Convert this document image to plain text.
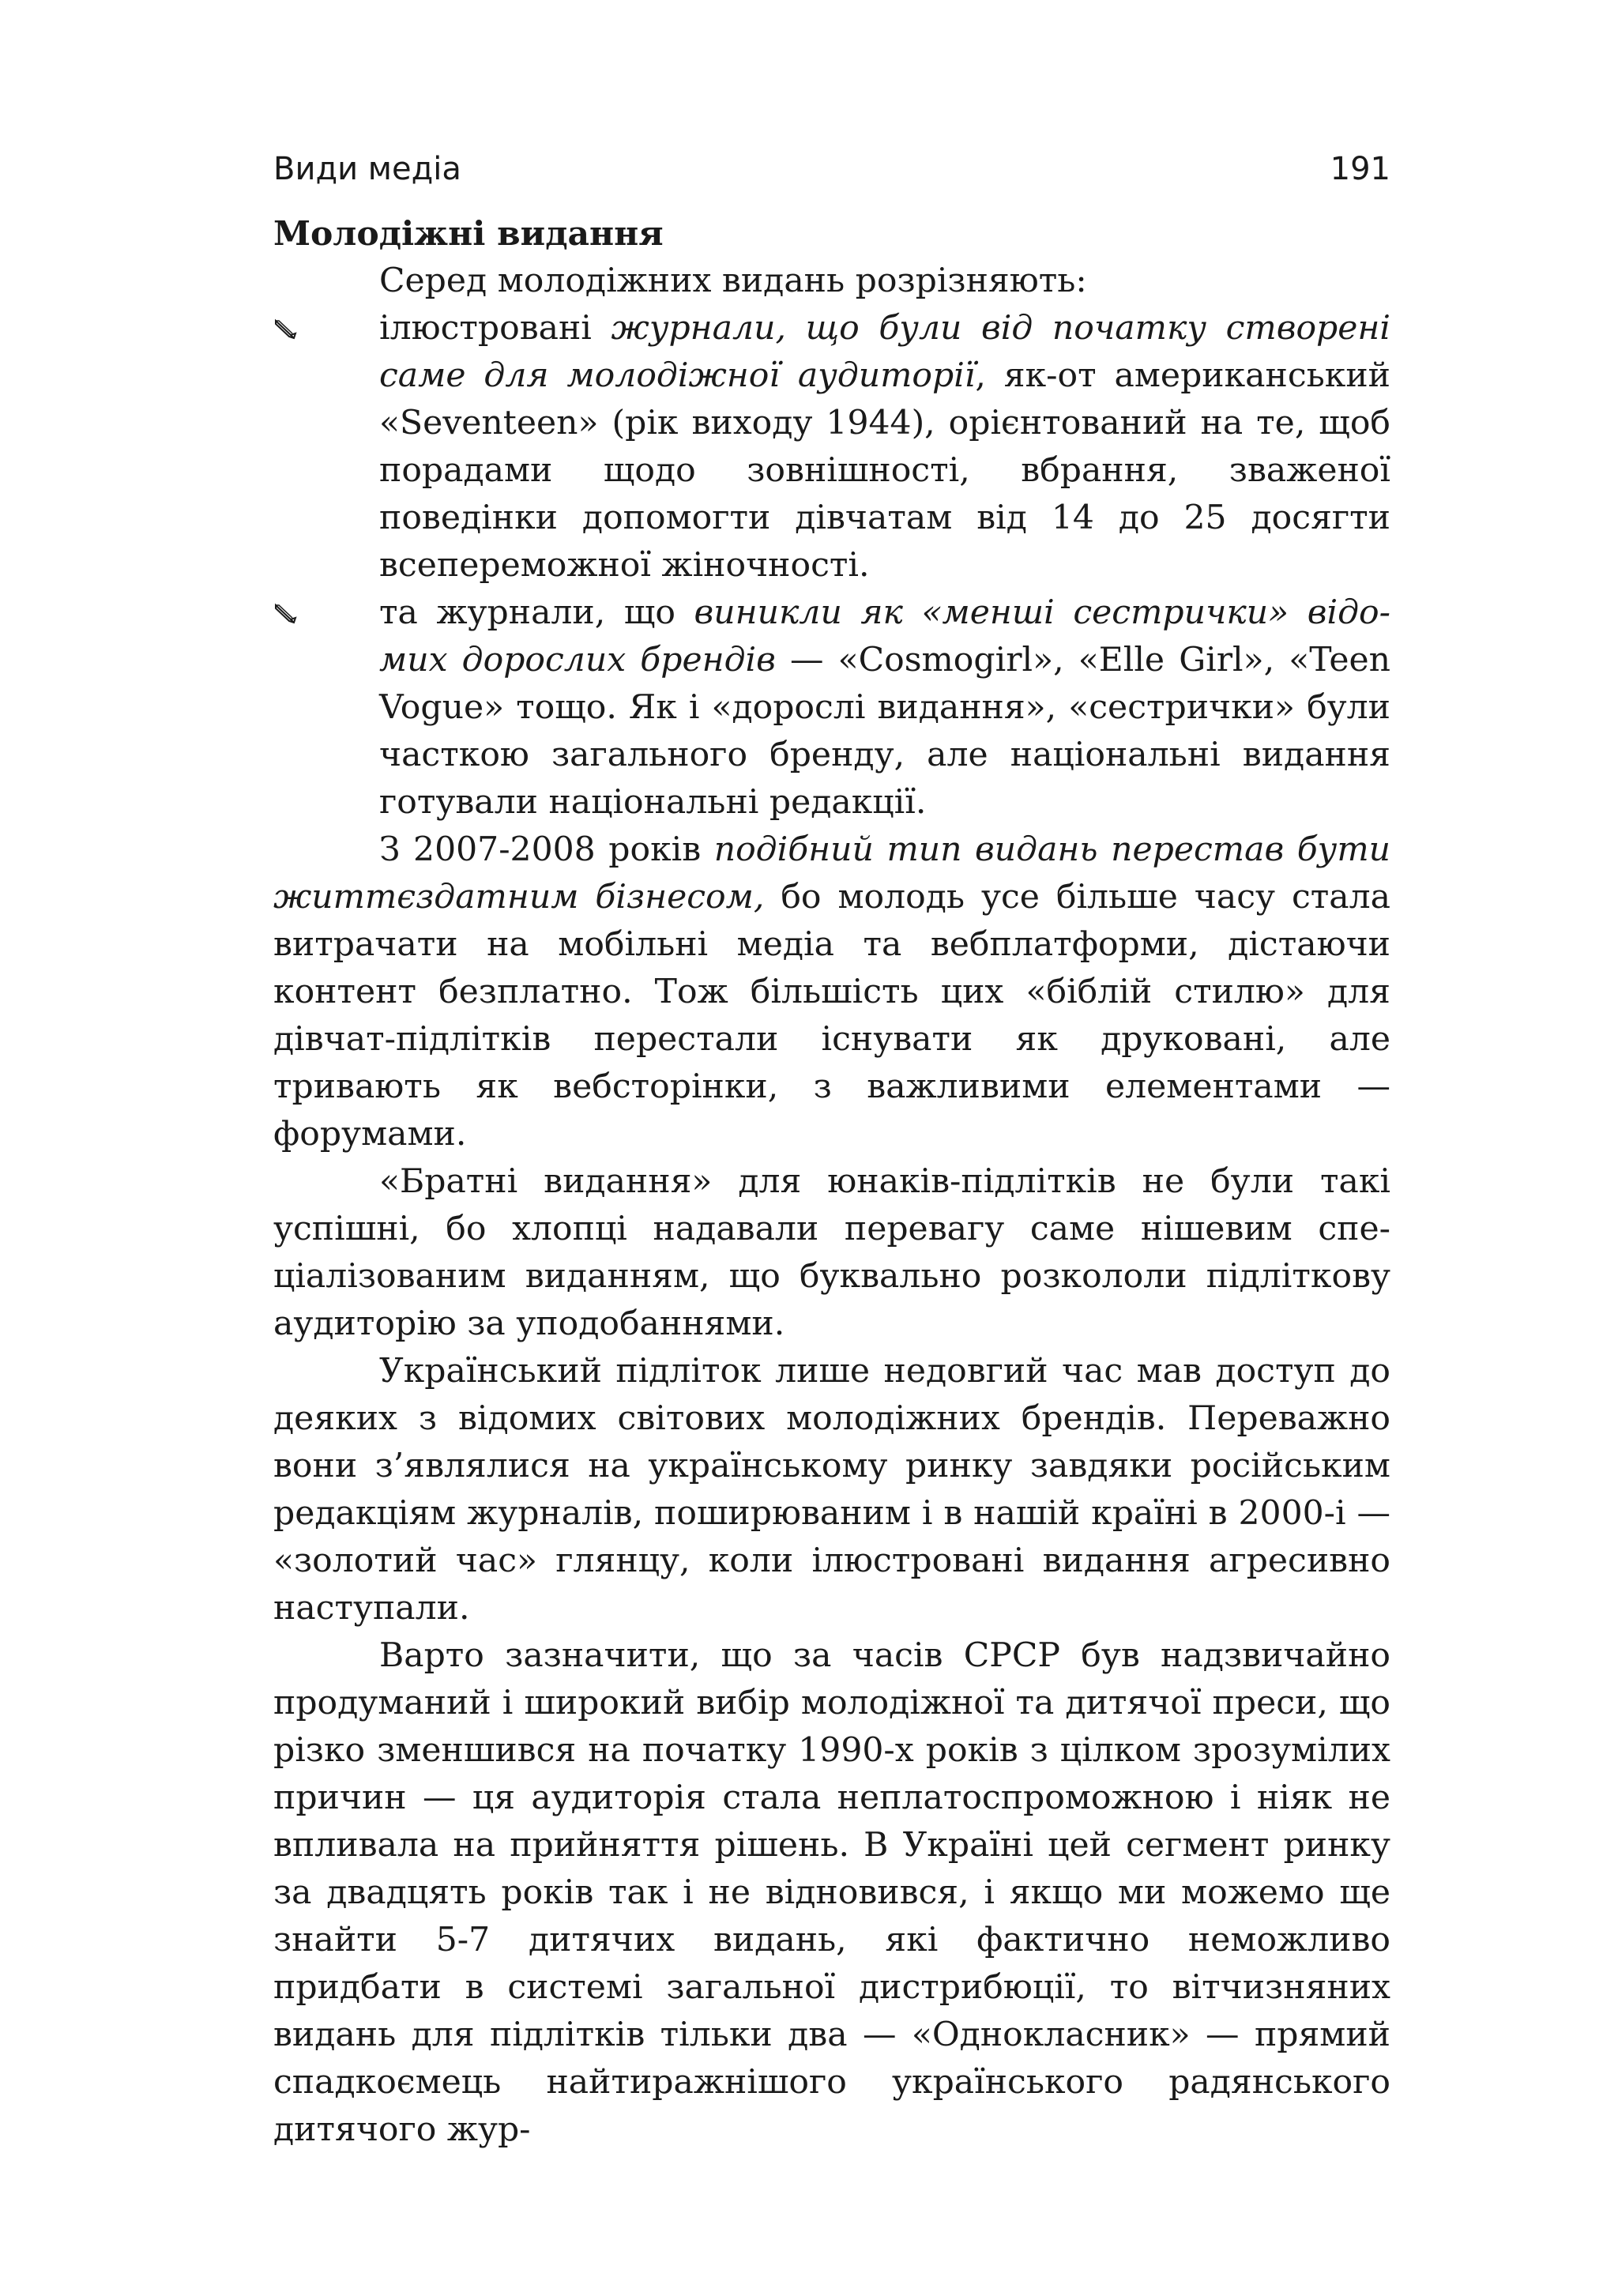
Види медіа	191

Молодіжні видання

Серед молодіжних видань розрізняють:

ілюстровані журнали, що були від початку створені саме для молодіжної аудиторії, як-от американський «Seventeen» (рік виходу 1944), орієнтований на те, щоб порадами щодо зовнішності, вбрання, зваженої поведінки допомогти дівчатам від 14 до 25 досягти всепереможної жіночності.
та журнали, що виникли як «менші сестрички» відомих дорослих брендів — «Cosmogirl», «Elle Girl», «Teen Vogue» тощо. Як і «дорослі видання», «сестрички» були часткою загального бренду, але національні видання готували національні редакції.

З 2007-2008 років подібний тип видань перестав бути життєздатним бізнесом, бо молодь усе більше часу стала витрачати на мобільні медіа та вебплатформи, дістаючи контент безплатно. Тож більшість цих «біблій стилю» для дівчат-підлітків перестали існувати як друковані, але тривають як вебсторінки, з важливими елементами — форумами.

«Братні видання» для юнаків-підлітків не були такі успішні, бо хлопці надавали перевагу саме нішевим спеціалізованим виданням, що буквально розкололи підліткову аудиторію за уподобаннями.

Український підліток лише недовгий час мав доступ до деяких з відомих світових молодіжних брендів. Переважно вони з’являлися на українському ринку завдяки російським редакціям журналів, поширюваним і в нашій країні в 2000-і — «золотий час» глянцу, коли ілюстровані видання агресивно наступали.

Варто зазначити, що за часів СРСР був надзвичайно продуманий і широкий вибір молодіжної та дитячої преси, що різко зменшився на початку 1990-х років з цілком зрозумілих причин — ця аудиторія стала неплатоспроможною і ніяк не впливала на прийняття рішень. В Україні цей сегмент ринку за двадцять років так і не відновився, і якщо ми можемо ще знайти 5-7 дитячих видань, які фактично неможливо придбати в системі загальної дистрибюції, то вітчизняних видань для підлітків тільки два — «Однокласник» — прямий спадкоємець найтиражнішого українського радянського дитячого жур-
